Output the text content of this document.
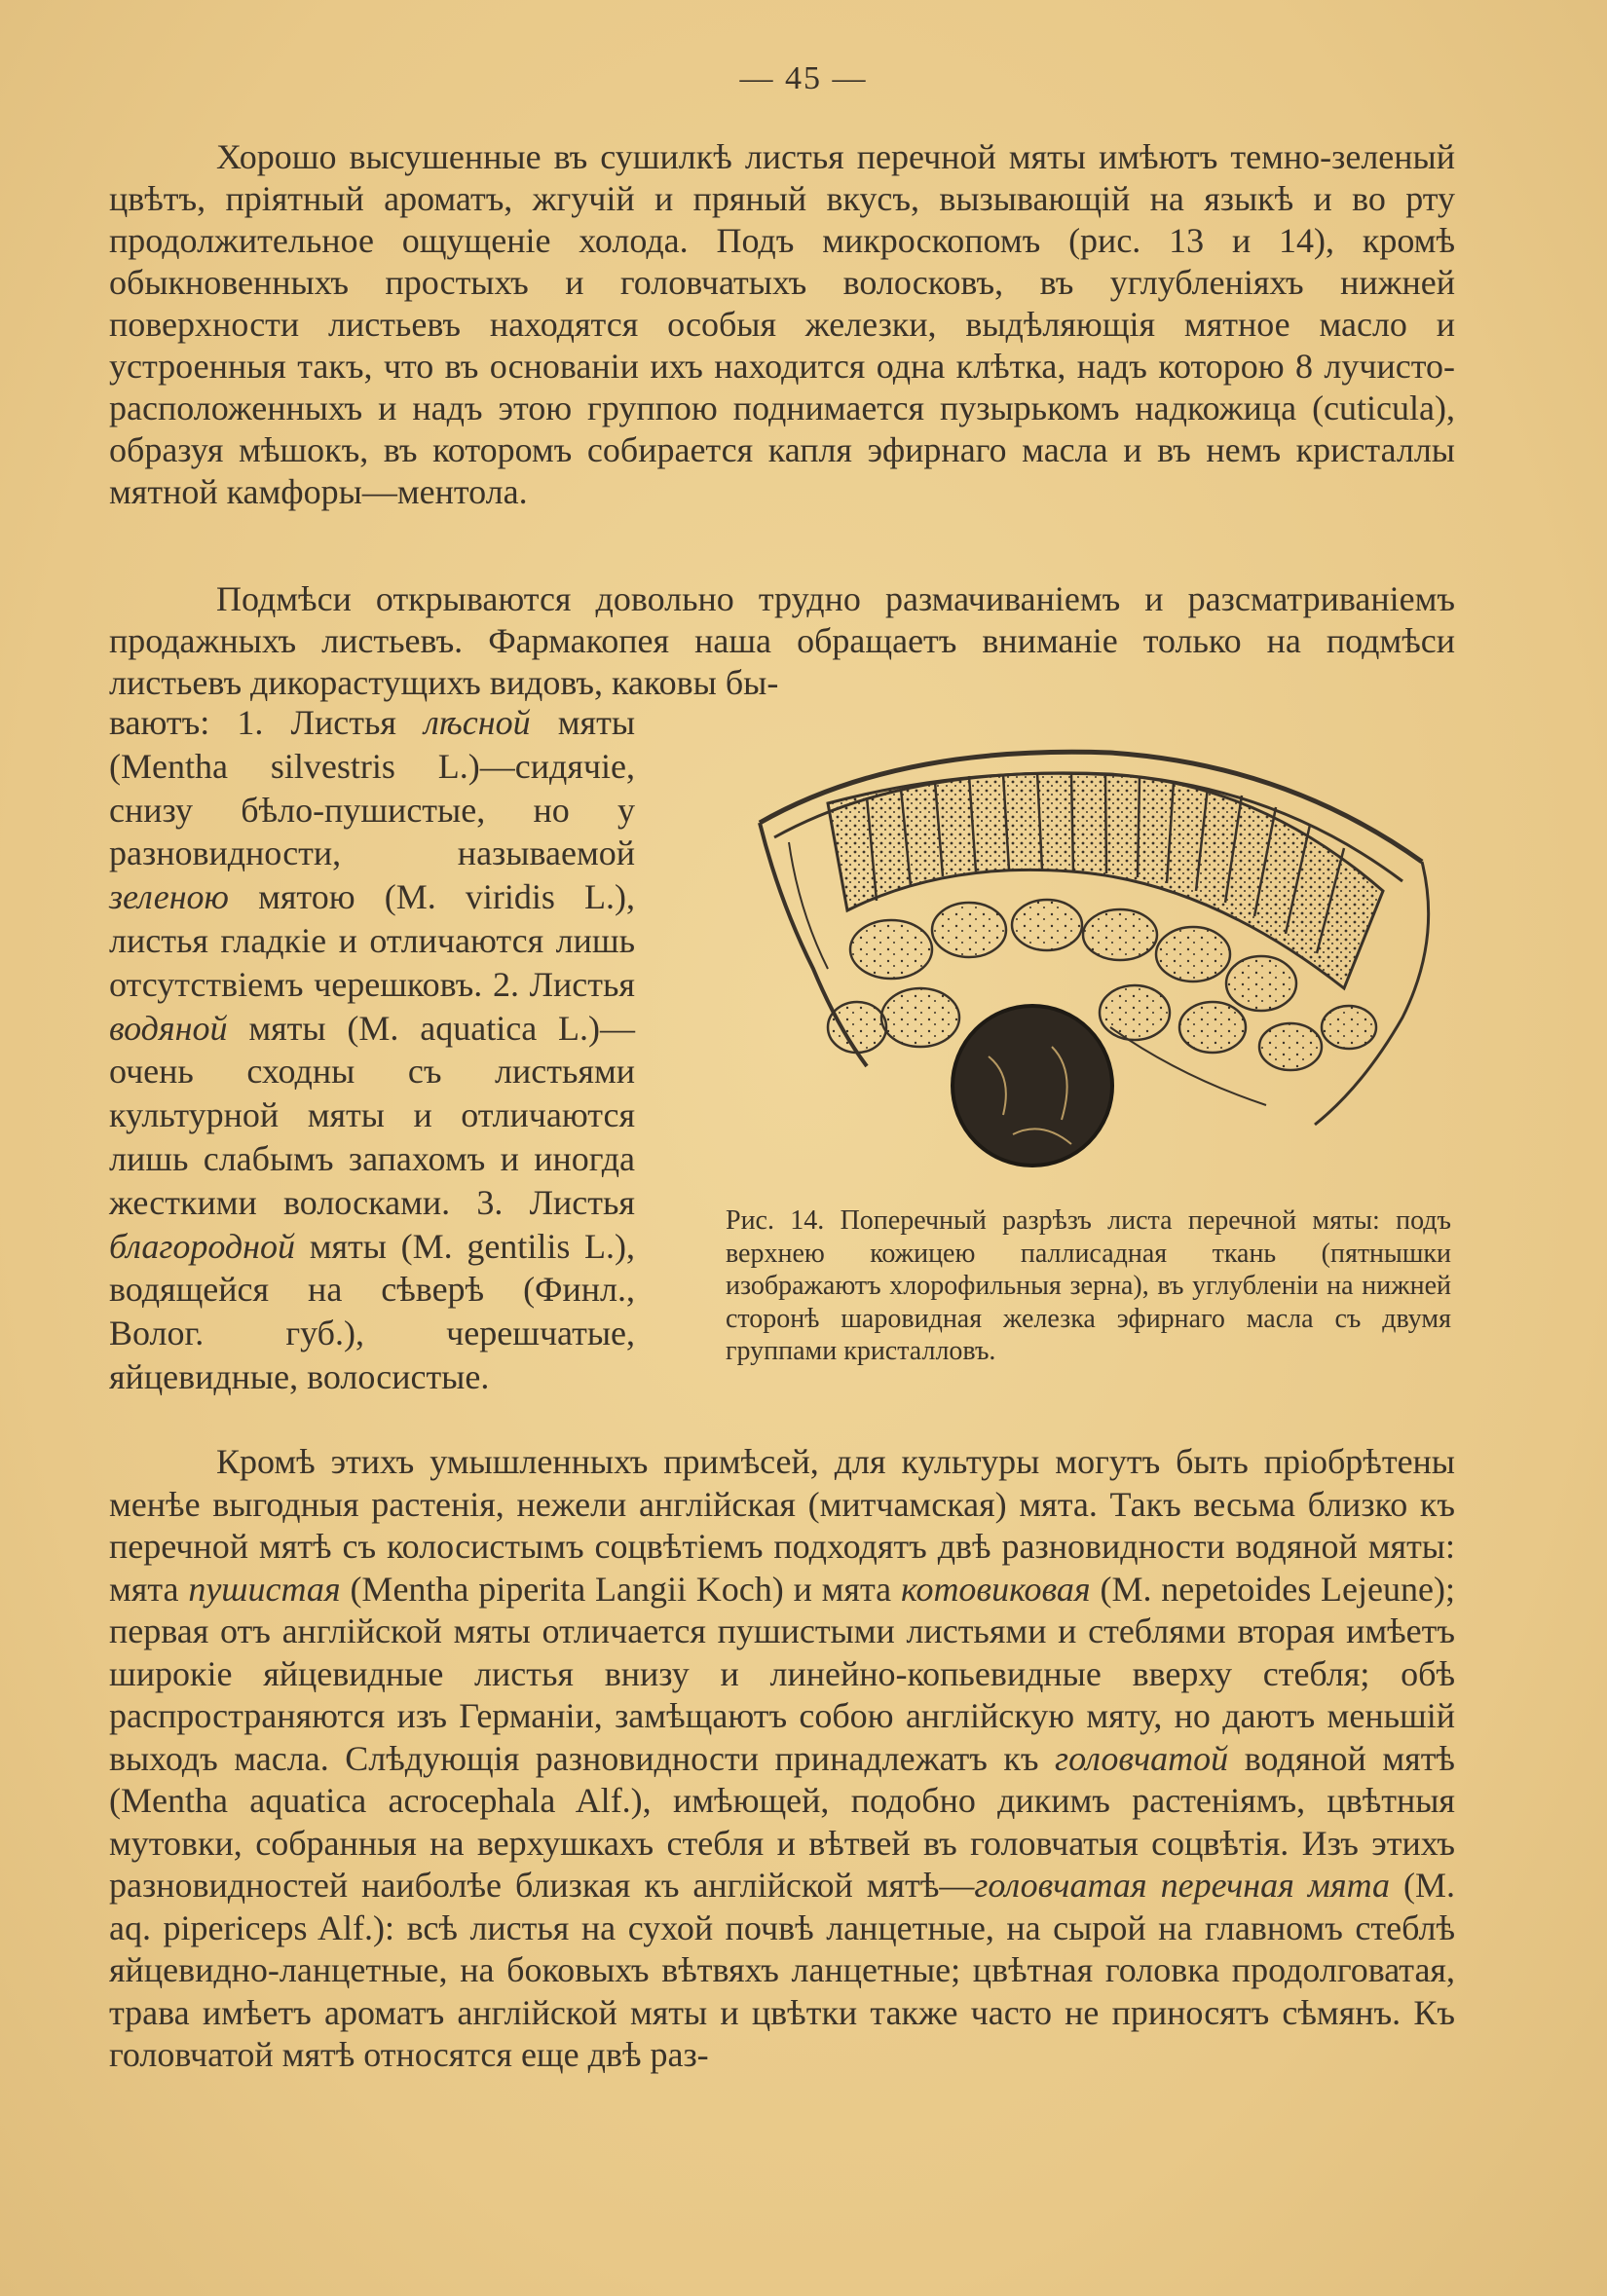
— 45 —

Хорошо высушенные въ сушилкѣ листья перечной мяты имѣютъ темно-зеленый цвѣтъ, пріятный ароматъ, жгучій и пряный вкусъ, вызывающій на языкѣ и во рту продолжительное ощущеніе холода. Подъ микроскопомъ (рис. 13 и 14), кромѣ обыкновенныхъ простыхъ и головчатыхъ волосковъ, въ углубленіяхъ нижней поверхности листьевъ находятся особыя железки, выдѣляющія мятное масло и устроенныя такъ, что въ основаніи ихъ находится одна клѣтка, надъ которою 8 лучисто-расположенныхъ и надъ этою группою поднимается пузырькомъ надкожица (cuticula), образуя мѣшокъ, въ которомъ собирается капля эфирнаго масла и въ немъ кристаллы мятной камфоры—ментола.

Подмѣси открываются довольно трудно размачиваніемъ и разсматриваніемъ продажныхъ листьевъ. Фармакопея наша обращаетъ вниманіе только на подмѣси листьевъ дикорастущихъ видовъ, каковы бы-

ваютъ: 1. Листья лѣсной мяты (Mentha silvestris L.)—сидячіе, снизу бѣло-пушистые, но у разновидности, называемой зеленою мятою (M. viridis L.), листья гладкіе и отличаются лишь отсутствіемъ черешковъ. 2. Листья водяной мяты (M. aquatica L.)—очень сходны съ листьями культурной мяты и отличаются лишь слабымъ запахомъ и иногда жесткими волосками. 3. Листья благородной мяты (M. gentilis L.), водящейся на сѣверѣ (Финл., Волог. губ.), черешчатые, яйцевидные, волосистые.

Рис. 14. Поперечный разрѣзъ листа перечной мяты: подъ верхнею кожицею паллисадная ткань (пятнышки изображаютъ хлорофильныя зерна), въ углубленіи на нижней сторонѣ шаровидная железка эфирнаго масла съ двумя группами кристалловъ.

Кромѣ этихъ умышленныхъ примѣсей, для культуры могутъ быть пріобрѣтены менѣе выгодныя растенія, нежели англійская (митчамская) мята. Такъ весьма близко къ перечной мятѣ съ колосистымъ соцвѣтіемъ подходятъ двѣ разновидности водяной мяты: мята пушистая (Mentha piperita Langii Koch) и мята котовиковая (M. nepetoides Lejeune); первая отъ англійской мяты отличается пушистыми листьями и стеблями вторая имѣетъ широкіе яйцевидные листья внизу и линейно-копьевидные вверху стебля; обѣ распространяются изъ Германіи, замѣщаютъ собою англійскую мяту, но даютъ меньшій выходъ масла. Слѣдующія разновидности принадлежатъ къ головчатой водяной мятѣ (Mentha aquatica acrocephala Alf.), имѣющей, подобно дикимъ растеніямъ, цвѣтныя мутовки, собранныя на верхушкахъ стебля и вѣтвей въ головчатыя соцвѣтія. Изъ этихъ разновидностей наиболѣе близкая къ англійской мятѣ—головчатая перечная мята (M. aq. piperiсeps Alf.): всѣ листья на сухой почвѣ ланцетные, на сырой на главномъ стеблѣ яйцевидно-ланцетные, на боковыхъ вѣтвяхъ ланцетные; цвѣтная головка продолговатая, трава имѣетъ ароматъ англійской мяты и цвѣтки также часто не приносятъ сѣмянъ. Къ головчатой мятѣ относятся еще двѣ раз-
